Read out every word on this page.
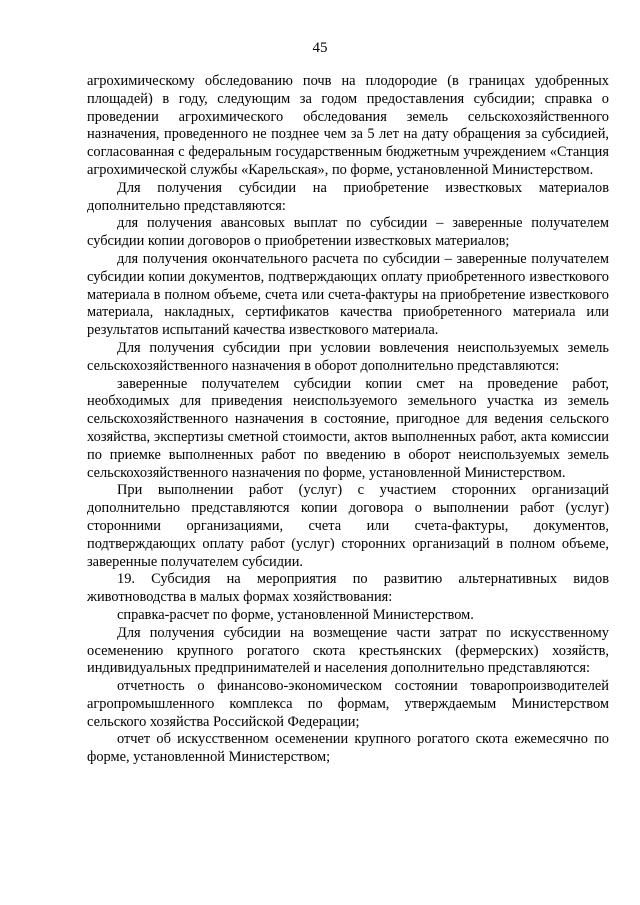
45

агрохимическому обследованию почв на плодородие (в границах удобренных площадей) в году, следующим за годом предоставления субсидии; справка о проведении агрохимического обследования земель сельскохозяйственного назначения, проведенного не позднее чем за 5 лет на дату обращения за субсидией, согласованная с федеральным государственным бюджетным учреждением «Станция агрохимической службы «Карельская», по форме, установленной Министерством.

Для получения субсидии на приобретение известковых материалов дополнительно представляются:

для получения авансовых выплат по субсидии – заверенные получателем субсидии копии договоров о приобретении известковых материалов;

для получения окончательного расчета по субсидии – заверенные получателем субсидии копии документов, подтверждающих оплату приобретенного известкового материала в полном объеме, счета или счета-фактуры на приобретение известкового материала, накладных, сертификатов качества приобретенного материала или результатов испытаний качества известкового материала.

Для получения субсидии при условии вовлечения неиспользуемых земель сельскохозяйственного назначения в оборот дополнительно представляются:

заверенные получателем субсидии копии смет на проведение работ, необходимых для приведения неиспользуемого земельного участка из земель сельскохозяйственного назначения в состояние, пригодное для ведения сельского хозяйства, экспертизы сметной стоимости, актов выполненных работ, акта комиссии по приемке выполненных работ по введению в оборот неиспользуемых земель сельскохозяйственного назначения по форме, установленной Министерством.

При выполнении работ (услуг) с участием сторонних организаций дополнительно представляются копии договора о выполнении работ (услуг) сторонними организациями, счета или счета-фактуры, документов, подтверждающих оплату работ (услуг) сторонних организаций в полном объеме, заверенные получателем субсидии.

19. Субсидия на мероприятия по развитию альтернативных видов животноводства в малых формах хозяйствования:

справка-расчет по форме, установленной Министерством.

Для получения субсидии на возмещение части затрат по искусственному осеменению крупного рогатого скота крестьянских (фермерских) хозяйств, индивидуальных предпринимателей и населения дополнительно представляются:

отчетность о финансово-экономическом состоянии товаропроизводителей агропромышленного комплекса по формам, утверждаемым Министерством сельского хозяйства Российской Федерации;

отчет об искусственном осеменении крупного рогатого скота ежемесячно по форме, установленной Министерством;
